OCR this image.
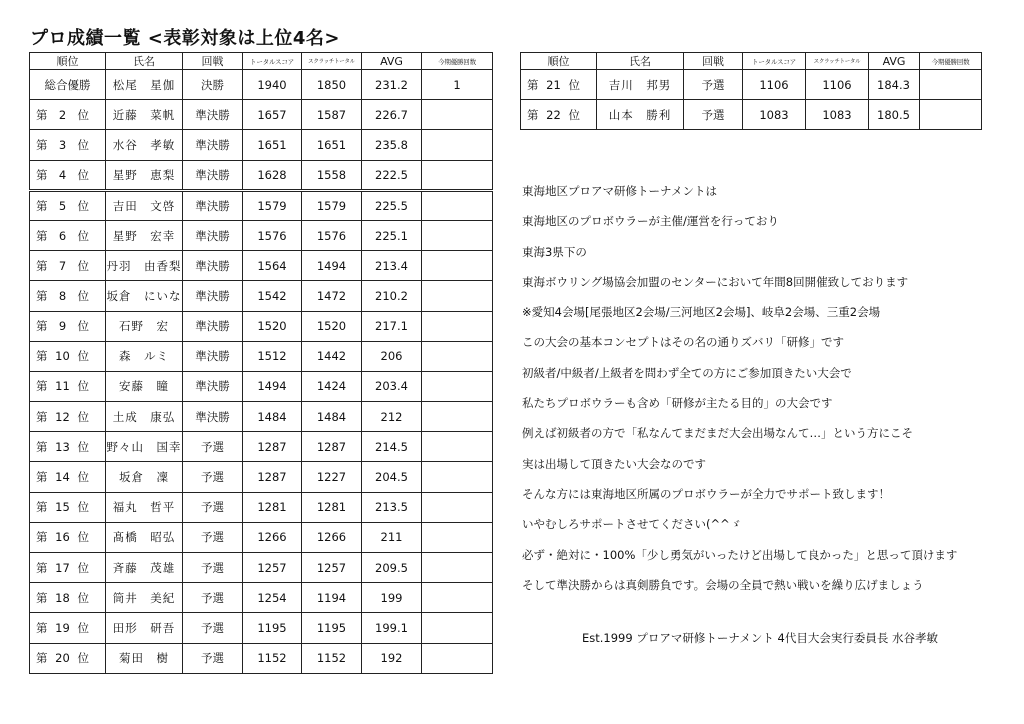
プロ成績一覧 <表彰対象は上位4名>
順位	氏名	回戦	トータルスコア	スクラッチトータル	AVG	今期優勝回数
総合優勝	松尾　星伽	決勝	1940	1850	231.2	1
第 2 位	近藤　菜帆	準決勝	1657	1587	226.7	
第 3 位	水谷　孝敏	準決勝	1651	1651	235.8	
第 4 位	星野　恵梨	準決勝	1628	1558	222.5	
第 5 位	吉田　文啓	準決勝	1579	1579	225.5	
第 6 位	星野　宏幸	準決勝	1576	1576	225.1	
第 7 位	丹羽　由香梨	準決勝	1564	1494	213.4	
第 8 位	坂倉　にいな	準決勝	1542	1472	210.2	
第 9 位	石野　宏	準決勝	1520	1520	217.1	
第 10 位	森　ルミ	準決勝	1512	1442	206	
第 11 位	安藤　瞳	準決勝	1494	1424	203.4	
第 12 位	土成　康弘	準決勝	1484	1484	212	
第 13 位	野々山　国幸	予選	1287	1287	214.5	
第 14 位	坂倉　凜	予選	1287	1227	204.5	
第 15 位	福丸　哲平	予選	1281	1281	213.5	
第 16 位	髙橋　昭弘	予選	1266	1266	211	
第 17 位	斉藤　茂雄	予選	1257	1257	209.5	
第 18 位	筒井　美紀	予選	1254	1194	199	
第 19 位	田形　研吾	予選	1195	1195	199.1	
第 20 位	菊田　樹	予選	1152	1152	192	
順位	氏名	回戦	トータルスコア	スクラッチトータル	AVG	今期優勝回数
第 21 位	吉川　邦男	予選	1106	1106	184.3	
第 22 位	山本　勝利	予選	1083	1083	180.5	
東海地区プロアマ研修トーナメントは
東海地区のプロボウラーが主催/運営を行っており
東海3県下の
東海ボウリング場協会加盟のセンターにおいて年間8回開催致しております
※愛知4会場[尾張地区2会場/三河地区2会場]、岐阜2会場、三重2会場
この大会の基本コンセプトはその名の通りズバリ「研修」です
初級者/中級者/上級者を問わず全ての方にご参加頂きたい大会で
私たちプロボウラーも含め「研修が主たる目的」の大会です
例えば初級者の方で「私なんてまだまだ大会出場なんて…」という方にこそ
実は出場して頂きたい大会なのです
そんな方には東海地区所属のプロボウラーが全力でサポート致します！
いやむしろサポートさせてください(^^ゞ
必ず・絶対に・100%「少し勇気がいったけど出場して良かった」と思って頂けます
そして準決勝からは真剣勝負です。会場の全員で熱い戦いを繰り広げましょう
Est.1999 プロアマ研修トーナメント 4代目大会実行委員長 水谷孝敏
